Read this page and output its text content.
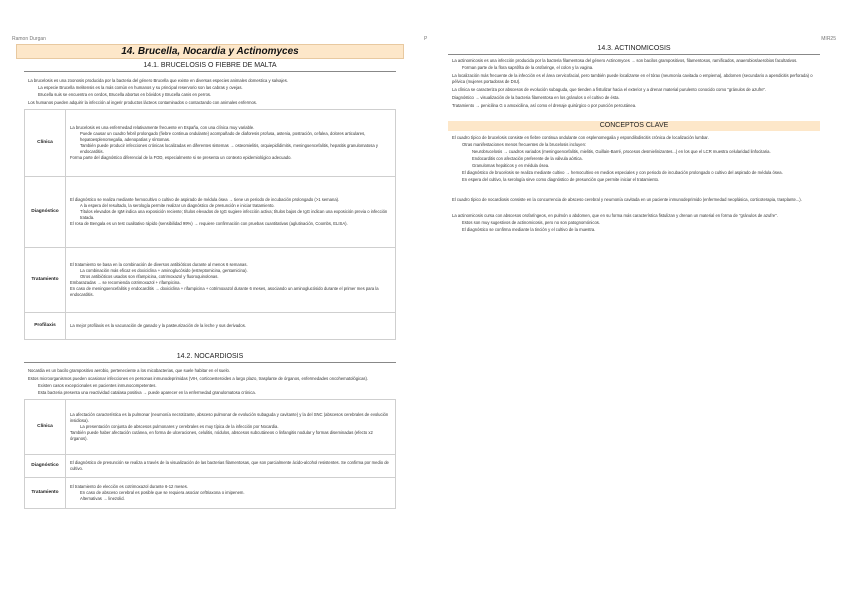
Ramon Durgan	P	MIR25
14. Brucella, Nocardia y Actinomyces
14.1. BRUCELOSIS O FIEBRE DE MALTA
La brucelosis es una zoonosis producida por la bacteria del género Brucella que existe en diversas especies animales domestica y salvajes.
La especie Brucella melitensis es la más común en humanos y su principal reservorio son las cabras y ovejas.
Brucella suis se encuentra en cerdos, Brucella abortus en bóvidos y Brucella canis en perros.
Los humanos pueden adquirir la infección al ingerir productos lácteos contaminados o contactando con animales enfermos.
Clínica	La brucelosis es una enfermedad relativamente frecuente en España, con una clínica muy variable.
Puede causar un cuadro febril prolongado (fiebre continua ondulante) acompañado de diaforesis profusa, astenia, postración, cefalea, dolores articulares, hepatoesplenomegalia, adenopatías y síntomas.
También puede producir infecciones crónicas localizadas en diferentes sistemas → osteomielitis, orquiepidídimitis, meningoencefalitis, hepatitis granulomatosa y endocarditis.
Forma parte del diagnóstico diferencial de la FOD, especialmente si se presenta un contexto epidemiológico adecuado.

Diagnóstico	El diagnóstico se realiza mediante hemocultivo o cultivo de aspirado de médula ósea → tiene un periodo de incubación prolongado (>1 semana).
A la espera del resultado, la serología permite realizar un diagnóstico de presunción e iniciar tratamiento.
Títulos elevados de IgM indica una exposición reciente; títulos elevados de IgG sugiere infección activa; títulos bajos de IgG indican una exposición previa o infección tratada.
El rosa de Bengala es un test cualitativo rápido (sensibilidad 99%) → requiere confirmación con pruebas cuantitativas (aglutinación, Coombs, ELISA).

Tratamiento	El tratamiento se basa en la combinación de diversos antibióticos durante al menos 6 semanas.
La combinación más eficaz es doxiciclina + aminoglucósido (estreptomicina, gentamicina).
Otros antibióticos usados son rifampicina, cotrimoxazol y fluoroquinolonas.
Embarazadas → se recomienda cotrimoxazol + rifampicina.
En caso de meningoencefalitis y endocarditis → doxiciclina + rifampicina + cotrimoxazol durante 6 meses, asociando un aminoglucósido durante el primer mes para la endocarditis.

Profilaxis	La mejor profilaxis es la vacunación de ganado y la pasteurización de la leche y sus derivados.
14.2. NOCARDIOSIS
Nocardia es un bacilo grampositivo aerobio, perteneciente a los micobacterias, que suele habitar en el suelo.
Estos microorganismos pueden ocasionar infecciones en personas inmunodeprimidas (VIH, corticoesteroides a largo plazo, trasplante de órganos, enfermedades oncohematológicas).
Existen casos excepcionales en pacientes inmunocompetentes.
Esta bacteria presenta una reactividad catalasa positiva → puede aparecer en la enfermedad granulomatosa crónica.
Clínica	La afectación característica es la pulmonar (neumonía necrotizante, absceso pulmonar de evolución subaguda y cavitante) y la del SNC (abscesos cerebrales de evolución insidiosa).
La presentación conjunta de abscesos pulmonares y cerebrales es muy típica de la infección por Nocardia.
También puede haber afectación cutánea, en forma de ulceraciones, celulitis, nódulos, abscesos subcutáneos o linfangitis nodular y formas diseminadas (efecto x2 órganos).

Diagnóstico	El diagnóstico de presunción se realiza a través de la visualización de las bacterias filamentosas, que son parcialmente ácido-alcohol resistentes. Se confirma por medio de cultivo.

Tratamiento	El tratamiento de elección es cotrimoxazol durante 6-12 meses.
En caso de absceso cerebral es posible que se requiera asociar ceftriaxona o imipenem.
Alternativas → linezolid.
14.3. ACTINOMICOSIS
La actinomicosis es una infección producida por la bacteria filamentosa del género Actinomyces → son bacilos grampositivos, filamentosos, ramificados, anaerobios/aerobios facultativos.
Forman parte de la flora saprófita de la orofaringe, el colon y la vagina.
La localización más frecuente de la infección es el área cervicofacial, pero también puede localizarse en el tórax (neumonía cavitada o empiema), abdomen (secundario a apendicitis perforada) o pélvica (mujeres portadoras de DIU).
La clínica se caracteriza por abscesos de evolución subaguda, que tienden a fistulizar hacia el exterior y a drenar material purulento conocido como "gránulos de azufre".
Diagnóstico → visualización de la bacteria filamentosa en los gránulos o el cultivo de ésta.
Tratamiento → penicilina G o amoxicilina, así como el drenaje quirúrgico o por punción percutánea.
CONCEPTOS CLAVE
El cuadro típico de brucelosis consiste en fiebre continua ondulante con esplenomegalia y espondilodiscitis crónica de localización lumbar.
Otras manifestaciones menos frecuentes de la brucelosis incluyen:
Neurobrucelosis → cuadros variados (meningoencefalitis, mielitis, Guillain-Barré, procesos desmielinizantes...) en los que el LCR muestra celularidad linfocitaria.
Endocarditis con afectación preferente de la válvula aórtica.
Granulomas hepáticos y en médula ósea.
El diagnóstico de brucelosis se realiza mediante cultivo → hemocultivo en medios especiales y con periodo de incubación prolongado o cultivo del aspirado de médula ósea.
En espera del cultivo, la serología sirve como diagnóstico de presunción que permite iniciar el tratamiento.
El cuadro típico de nocardiosis consiste en la concurrencia de absceso cerebral y neumonía cavitada en un paciente inmunodeprimido (enfermedad neoplásica, corticoterapia, trasplante...).
La actinomicosis cursa con abscesos orofaríngeos, en pulmón o abdomen, que en su forma más característica fistulizan y drenan un material en forma de "gránulos de azufre".
Estos son muy sugestivos de actinomicosis, pero no son patognomónicos.
El diagnóstico se confirma mediante la tinción y el cultivo de la muestra.
